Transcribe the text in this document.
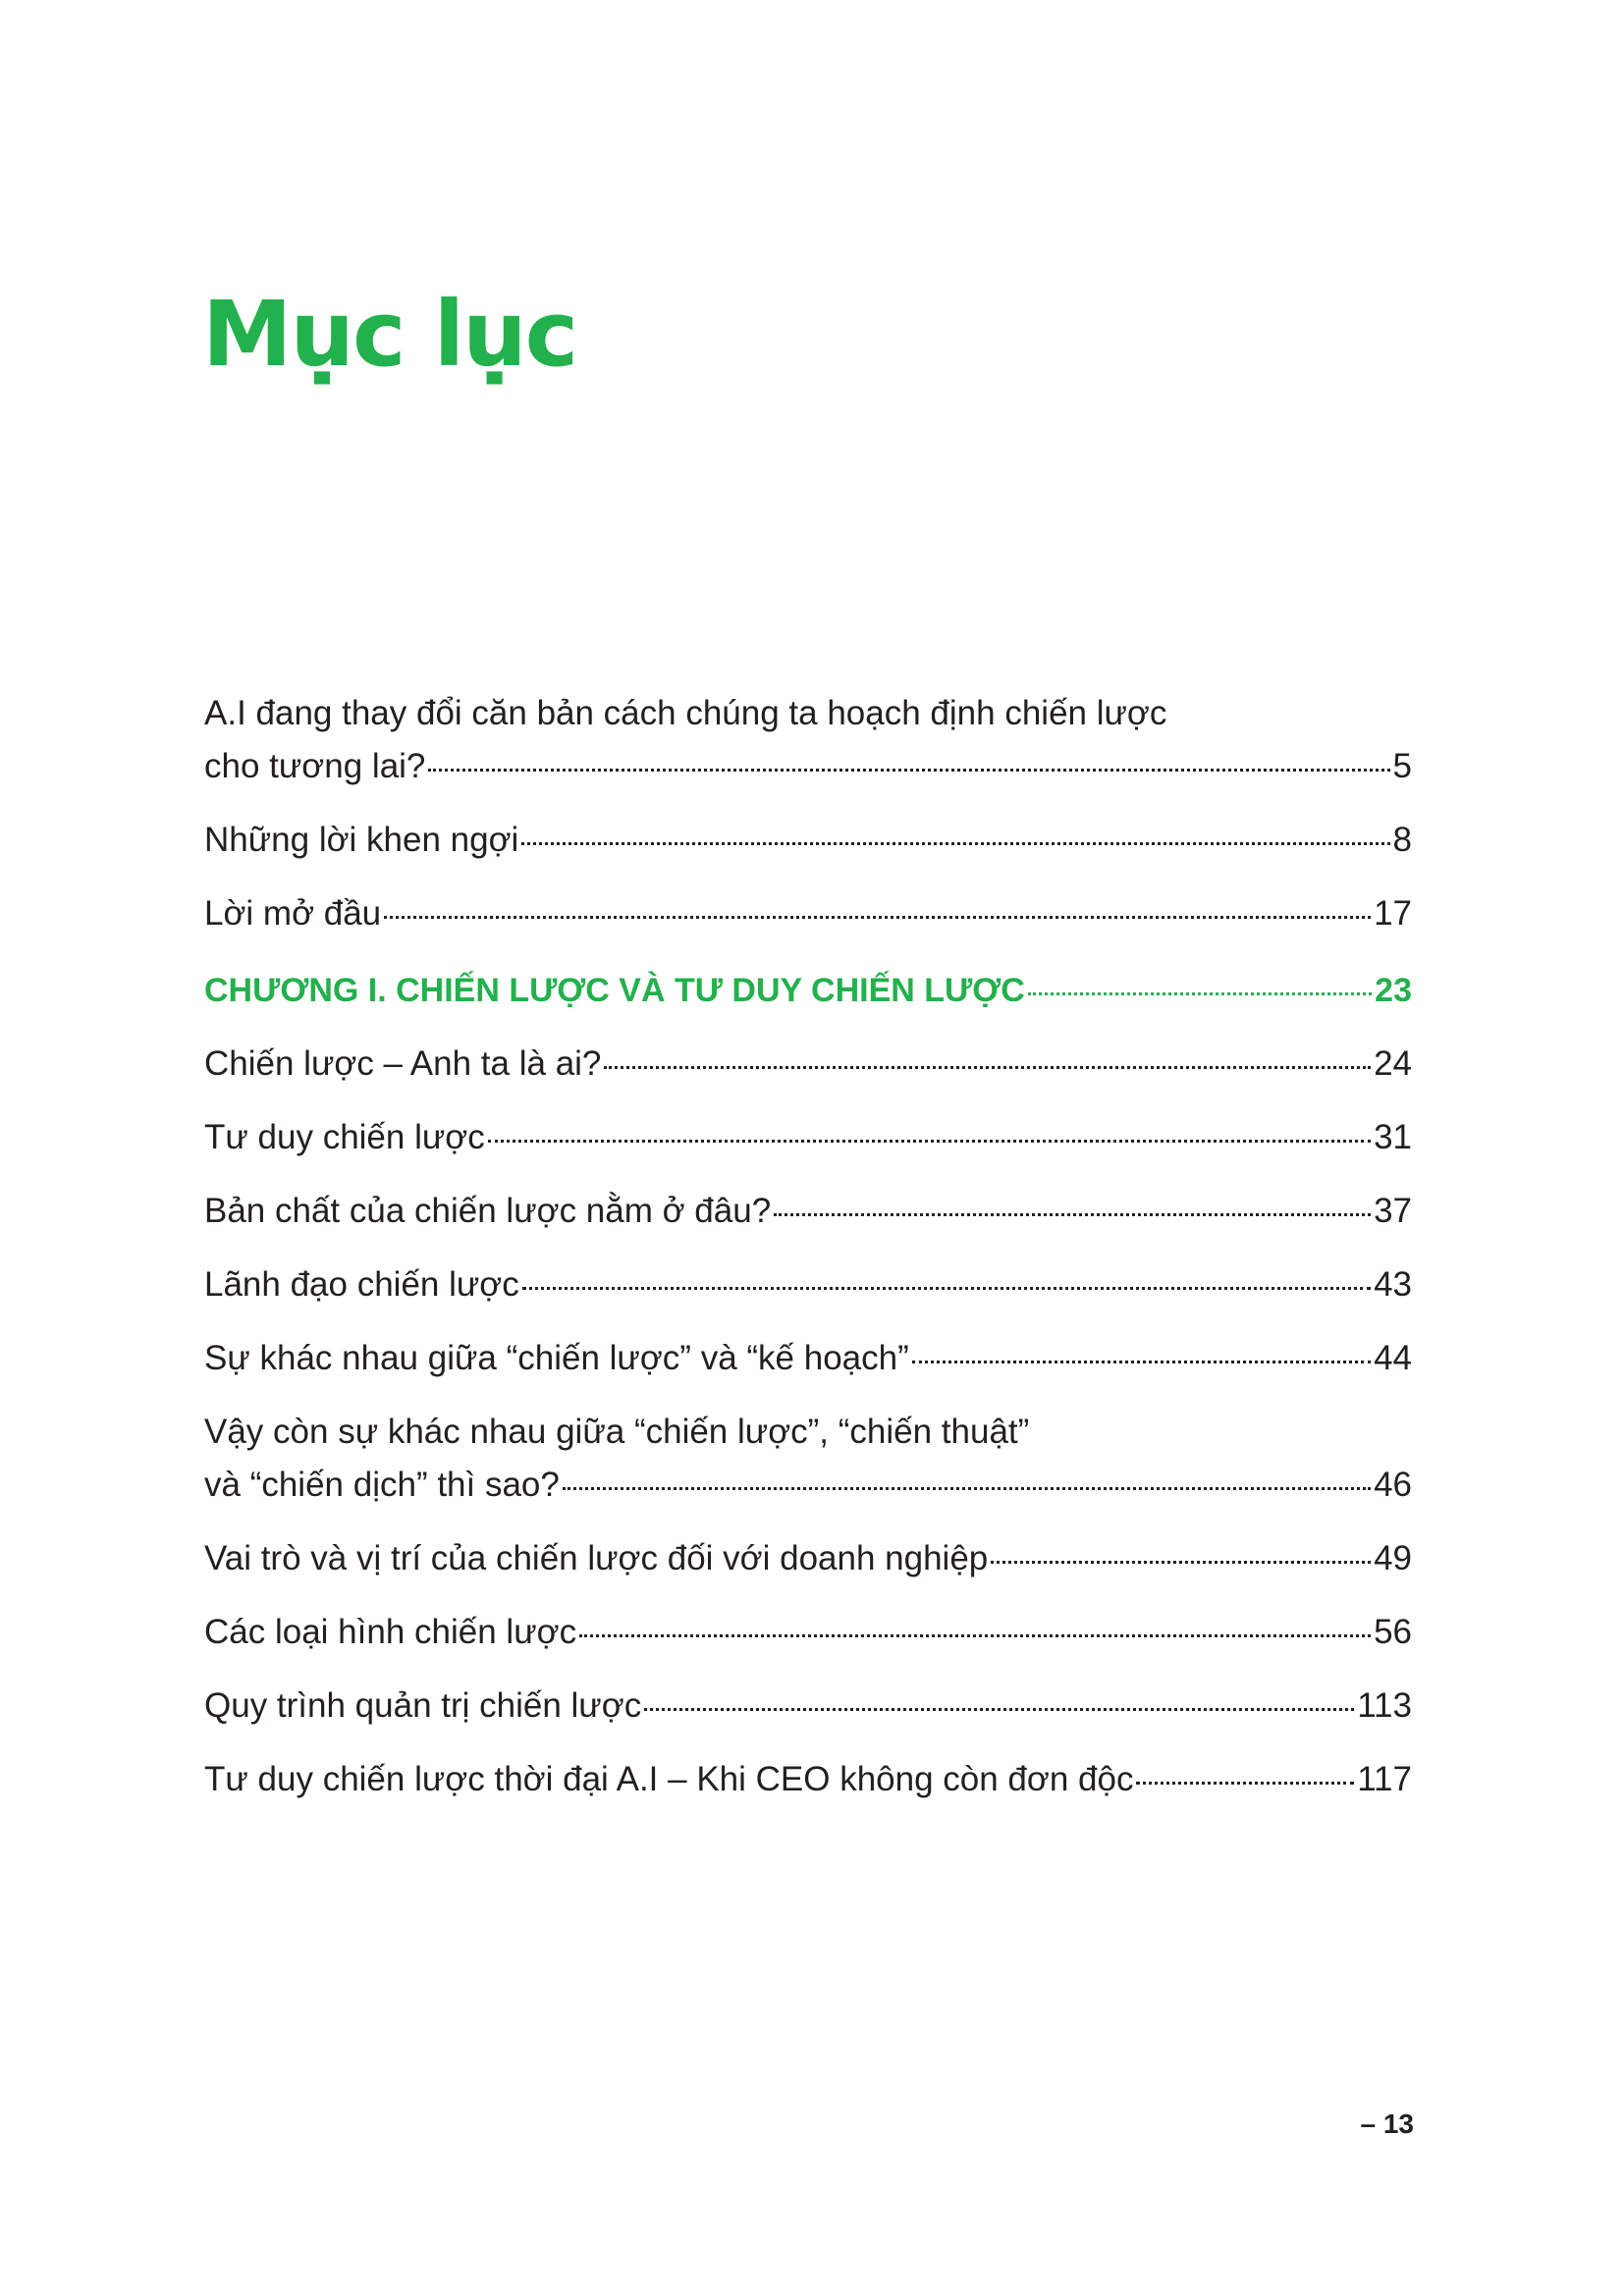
Mục lục
A.I đang thay đổi căn bản cách chúng ta hoạch định chiến lược
cho tương lai?	5
Những lời khen ngợi	8
Lời mở đầu	17
CHƯƠNG I. CHIẾN LƯỢC VÀ TƯ DUY CHIẾN LƯỢC	23
Chiến lược – Anh ta là ai?	24
Tư duy chiến lược	31
Bản chất của chiến lược nằm ở đâu?	37
Lãnh đạo chiến lược	43
Sự khác nhau giữa “chiến lược” và “kế hoạch”	44
Vậy còn sự khác nhau giữa “chiến lược”, “chiến thuật”
và “chiến dịch” thì sao?	46
Vai trò và vị trí của chiến lược đối với doanh nghiệp	49
Các loại hình chiến lược	56
Quy trình quản trị chiến lược	113
Tư duy chiến lược thời đại A.I – Khi CEO không còn đơn độc	117
– 13
